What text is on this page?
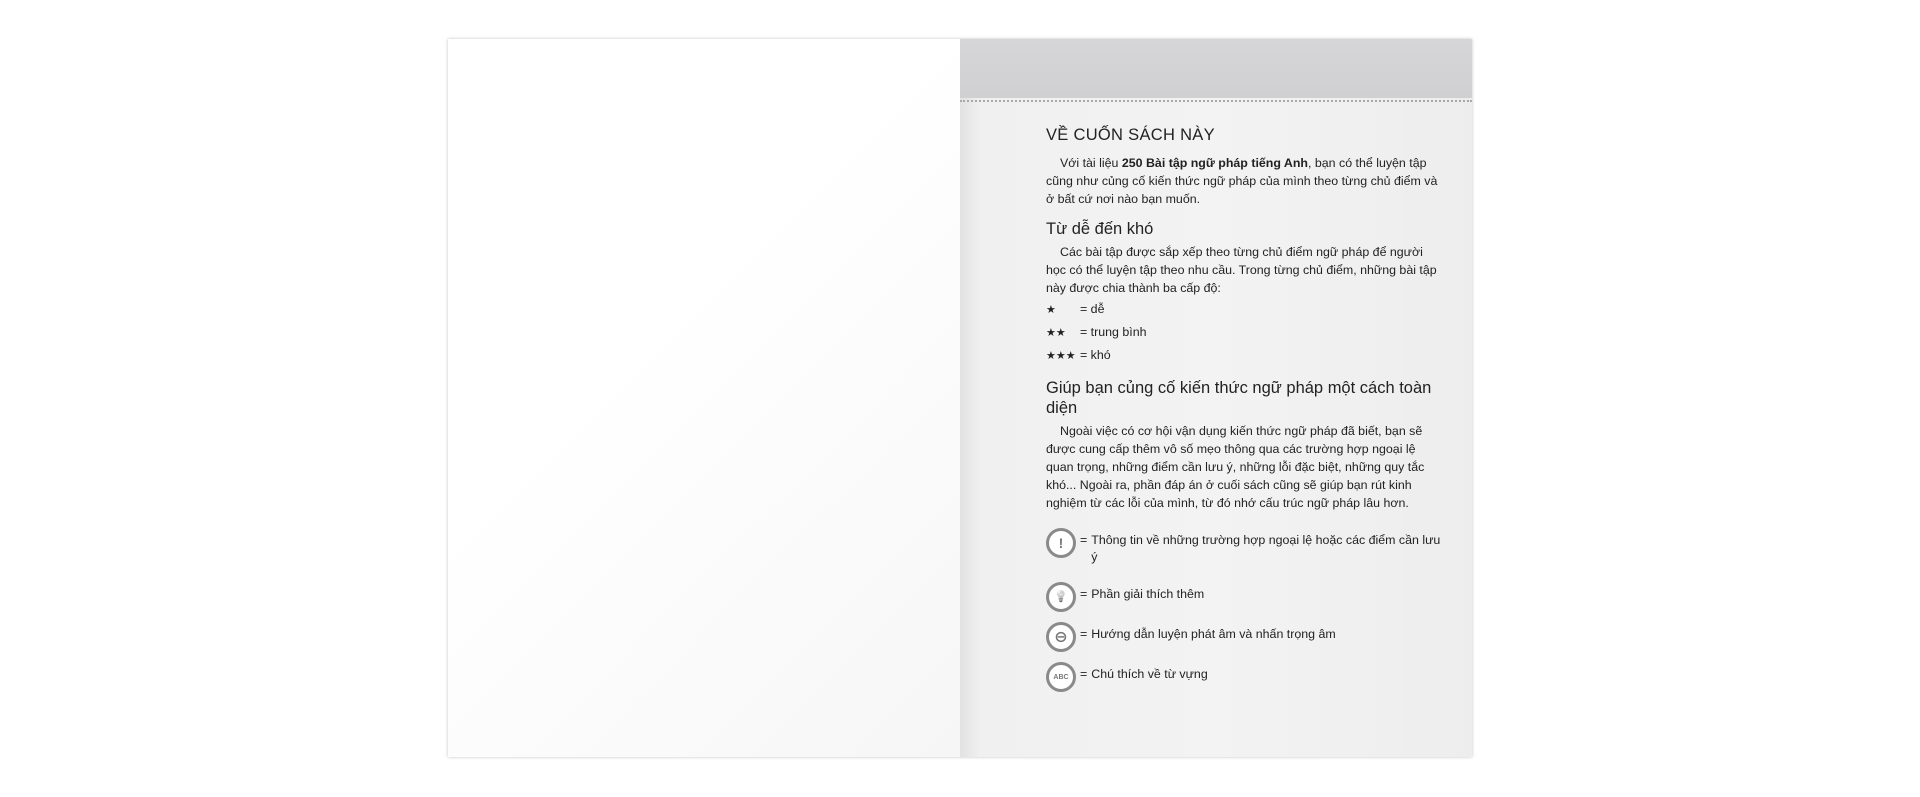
VỀ CUỐN SÁCH NÀY

Với tài liệu 250 Bài tập ngữ pháp tiếng Anh, bạn có thể luyện tập cũng như củng cố kiến thức ngữ pháp của mình theo từng chủ điểm và ở bất cứ nơi nào bạn muốn.

Từ dễ đến khó

Các bài tập được sắp xếp theo từng chủ điểm ngữ pháp để người học có thể luyện tập theo nhu cầu. Trong từng chủ điểm, những bài tập này được chia thành ba cấp độ:

★ = dễ
★★ = trung bình
★★★ = khó
Giúp bạn củng cố kiến thức ngữ pháp một cách toàn diện

Ngoài việc có cơ hội vận dụng kiến thức ngữ pháp đã biết, bạn sẽ được cung cấp thêm vô số mẹo thông qua các trường hợp ngoại lệ quan trọng, những điểm cần lưu ý, những lỗi đặc biệt, những quy tắc khó... Ngoài ra, phần đáp án ở cuối sách cũng sẽ giúp bạn rút kinh nghiệm từ các lỗi của mình, từ đó nhớ cấu trúc ngữ pháp lâu hơn.

!	= Thông tin về những trường hợp ngoại lệ hoặc các điểm cần lưu ý
💡 = Phần giải thích thêm
⊖ = Hướng dẫn luyện phát âm và nhấn trọng âm
ABC = Chú thích về từ vựng
